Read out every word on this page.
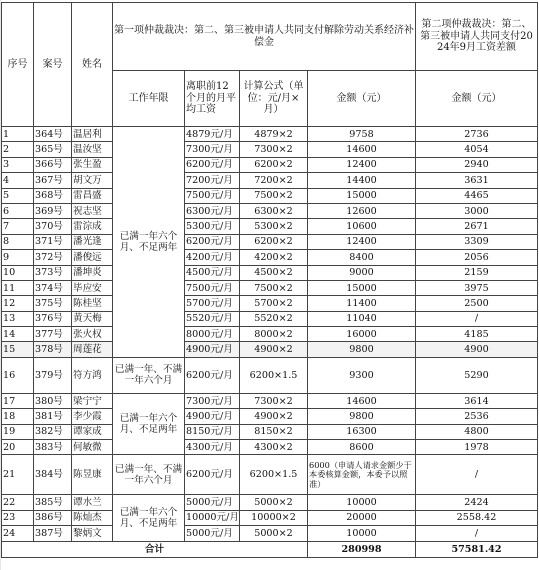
序号	案号	姓名	第一项仲裁裁决：第二、第三被申请人共同支付解除劳动关系经济补偿金				第二项仲裁裁决：第二、第三被申请人共同支付2024年9月工资差额
			工作年限	离职前12个月的月平均工资	计算公式（单位：元/月×月）	金额（元）	金额（元）
1	364号	温居利	已满一年六个月、不足两年	4879元/月	4879×2	9758	2736
2	365号	温汝坚		7300元/月	7300×2	14600	4054
3	366号	张生盈		6200元/月	6200×2	12400	2940
4	367号	胡文万		7200元/月	7200×2	14400	3631
5	368号	雷昌盛		7500元/月	7500×2	15000	4465
6	369号	祝志坚		6300元/月	6300×2	12600	3000
7	370号	雷淙成		5300元/月	5300×2	10600	2671
8	371号	潘光逢		6200元/月	6200×2	12400	3309
9	372号	潘俊远		4200元/月	4200×2	8400	2056
10	373号	潘坤炎		4500元/月	4500×2	9000	2159
11	374号	毕应安		7500元/月	7500×2	15000	3975
12	375号	陈桂坚		5700元/月	5700×2	11400	2500
13	376号	黄天梅		5520元/月	5520×2	11040	/
14	377号	张火权		8000元/月	8000×2	16000	4185
15	378号	周莲花		4900元/月	4900×2	9800	4900
16	379号	符方鸿	已满一年、不满一年六个月	6200元/月	6200×1.5	9300	5290
17	380号	梁宁宁	已满一年六个月、不足两年	7300元/月	7300×2	14600	3614
18	381号	李少霞		4900元/月	4900×2	9800	2536
19	382号	谭家成		8150元/月	8150×2	16300	4800
20	383号	何敏微		4300元/月	4300×2	8600	1978
21	384号	陈昱康	已满一年、不满一年六个月	6200元/月	6200×1.5	6000（申请人请求金额少于本委核算金额，本委予以照准）	/
22	385号	谭水兰	已满一年六个月、不足两年	5000元/月	5000×2	10000	2424
23	386号	陈灿杰		10000元/月	10000×2	20000	2558.42
24	387号	黎炳文		5000元/月	5000×2	10000	/
合计						280998	57581.42
